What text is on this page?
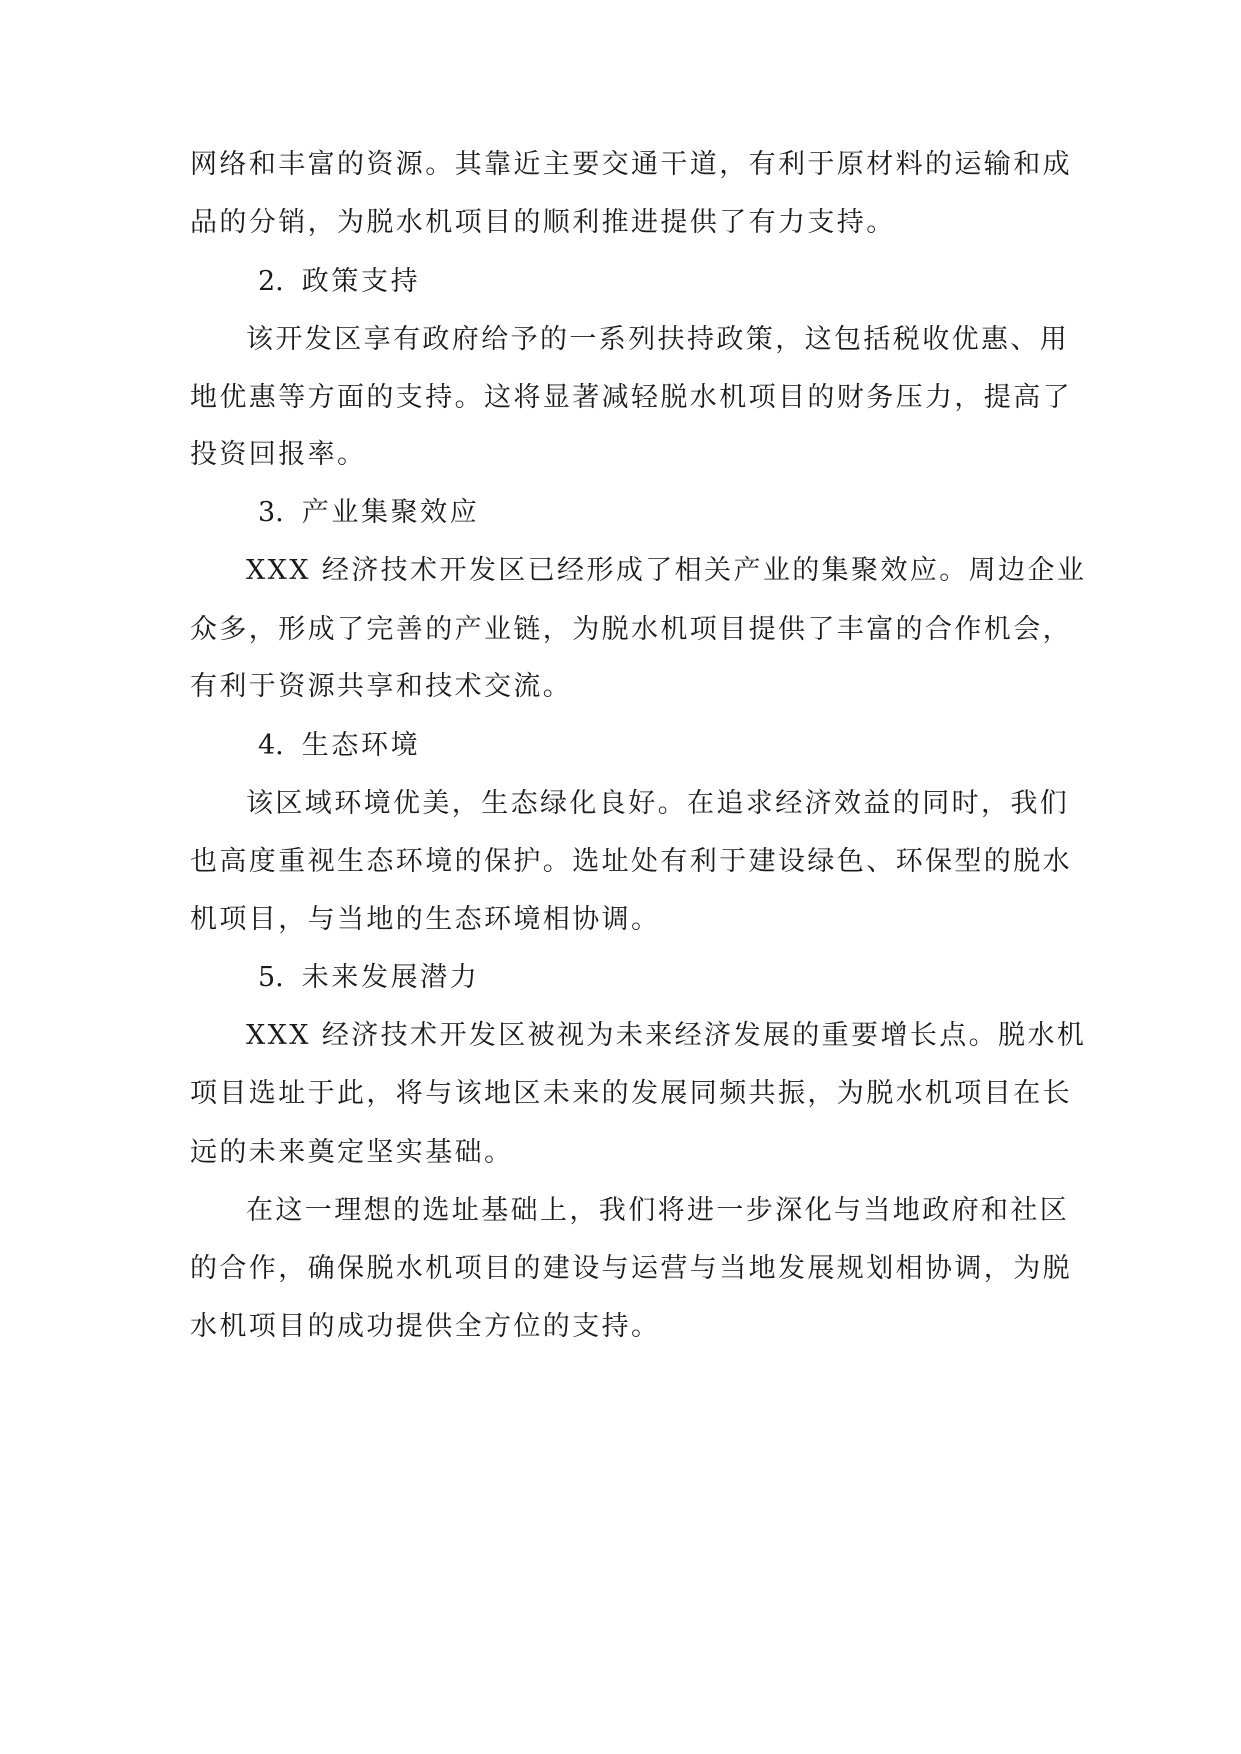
网络和丰富的资源。其靠近主要交通干道，有利于原材料的运输和成
品的分销，为脱水机项目的顺利推进提供了有力支持。
2. 政策支持
该开发区享有政府给予的一系列扶持政策，这包括税收优惠、用
地优惠等方面的支持。这将显著减轻脱水机项目的财务压力，提高了
投资回报率。
3. 产业集聚效应
XXX 经济技术开发区已经形成了相关产业的集聚效应。周边企业
众多，形成了完善的产业链，为脱水机项目提供了丰富的合作机会，
有利于资源共享和技术交流。
4. 生态环境
该区域环境优美，生态绿化良好。在追求经济效益的同时，我们
也高度重视生态环境的保护。选址处有利于建设绿色、环保型的脱水
机项目，与当地的生态环境相协调。
5. 未来发展潜力
XXX 经济技术开发区被视为未来经济发展的重要增长点。脱水机
项目选址于此，将与该地区未来的发展同频共振，为脱水机项目在长
远的未来奠定坚实基础。
在这一理想的选址基础上，我们将进一步深化与当地政府和社区
的合作，确保脱水机项目的建设与运营与当地发展规划相协调，为脱
水机项目的成功提供全方位的支持。
